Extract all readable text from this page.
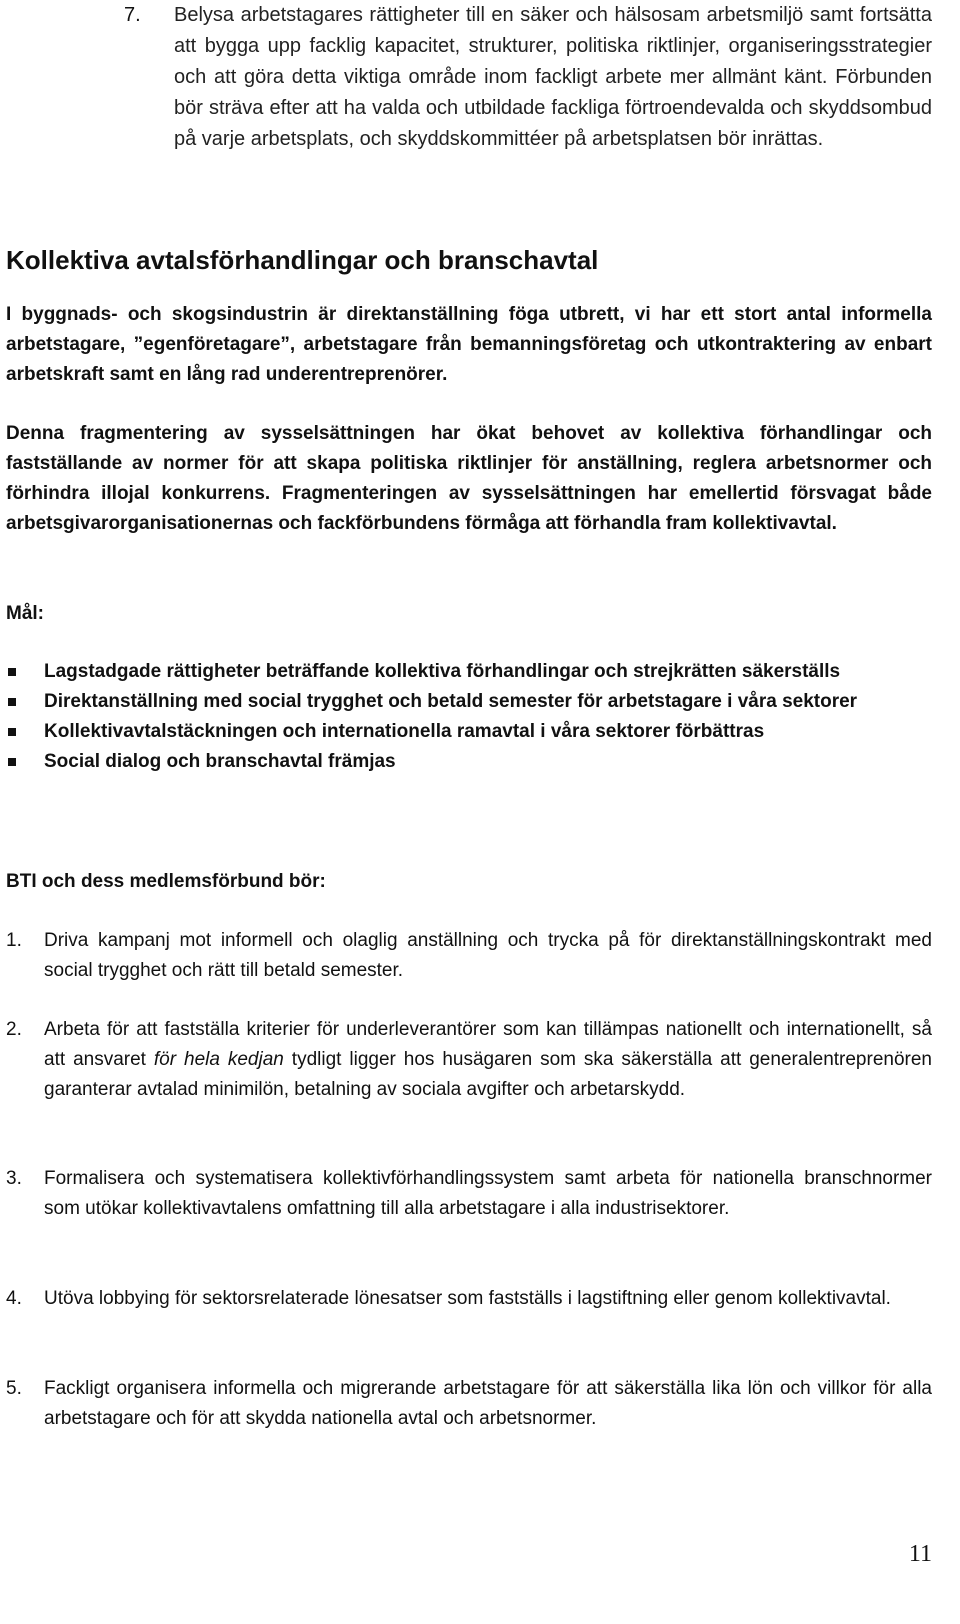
7. Belysa arbetstagares rättigheter till en säker och hälsosam arbetsmiljö samt fortsätta att bygga upp facklig kapacitet, strukturer, politiska riktlinjer, organiseringsstrategier och att göra detta viktiga område inom fackligt arbete mer allmänt känt. Förbunden bör sträva efter att ha valda och utbildade fackliga förtroendevalda och skyddsombud på varje arbetsplats, och skyddskommittéer på arbetsplatsen bör inrättas.
Kollektiva avtalsförhandlingar och branschavtal
I byggnads- och skogsindustrin är direktanställning föga utbrett, vi har ett stort antal informella arbetstagare, ”egenföretagare”, arbetstagare från bemanningsföretag och utkontraktering av enbart arbetskraft samt en lång rad underentreprenörer.
Denna fragmentering av sysselsättningen har ökat behovet av kollektiva förhandlingar och fastställande av normer för att skapa politiska riktlinjer för anställning, reglera arbetsnormer och förhindra illojal konkurrens. Fragmenteringen av sysselsättningen har emellertid försvagat både arbetsgivarorganisationernas och fackförbundens förmåga att förhandla fram kollektivavtal.
Mål:
Lagstadgade rättigheter beträffande kollektiva förhandlingar och strejkrätten säkerställs
Direktanställning med social trygghet och betald semester för arbetstagare i våra sektorer
Kollektivavtalstäckningen och internationella ramavtal i våra sektorer förbättras
Social dialog och branschavtal främjas
BTI och dess medlemsförbund bör:
1. Driva kampanj mot informell och olaglig anställning och trycka på för direktanställningskontrakt med social trygghet och rätt till betald semester.
2. Arbeta för att fastställa kriterier för underleverantörer som kan tillämpas nationellt och internationellt, så att ansvaret för hela kedjan tydligt ligger hos husägaren som ska säkerställa att generalentreprenören garanterar avtalad minimilön, betalning av sociala avgifter och arbetarskydd.
3. Formalisera och systematisera kollektivförhandlingssystem samt arbeta för nationella branschnormer som utökar kollektivavtalens omfattning till alla arbetstagare i alla industrisektorer.
4. Utöva lobbying för sektorsrelaterade lönesatser som fastställs i lagstiftning eller genom kollektivavtal.
5. Fackligt organisera informella och migrerande arbetstagare för att säkerställa lika lön och villkor för alla arbetstagare och för att skydda nationella avtal och arbetsnormer.
11
